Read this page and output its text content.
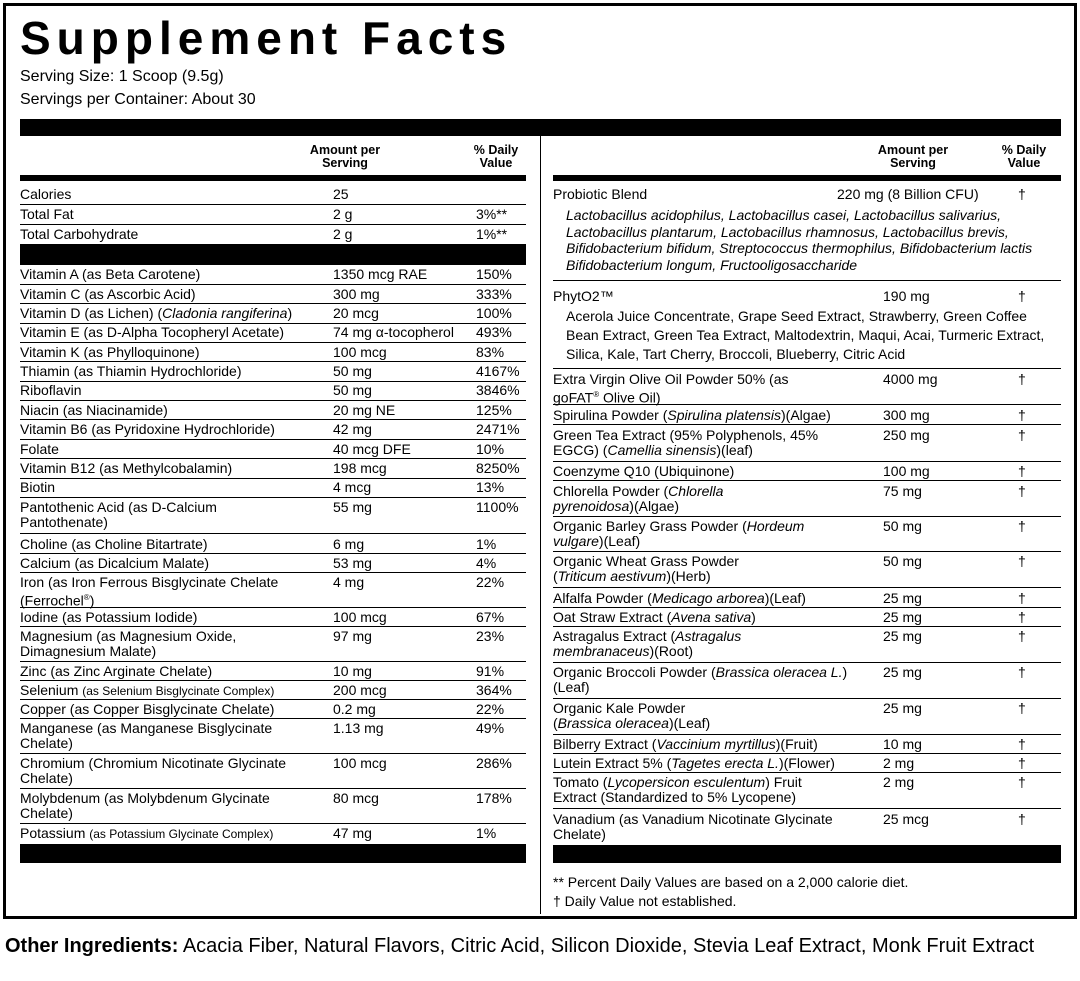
Supplement Facts
Serving Size: 1 Scoop (9.5g)
Servings per Container: About 30
Amount per Serving
% Daily Value
Amount per Serving
% Daily Value
Calories	25
Total Fat	2 g	3%**
Total Carbohydrate	2 g	1%**
Vitamin A (as Beta Carotene)	1350 mcg RAE	150%
Vitamin C (as Ascorbic Acid)	300 mg	333%
Vitamin D (as Lichen) (Cladonia rangiferina)	20 mcg	100%
Vitamin E (as D-Alpha Tocopheryl Acetate)	74 mg α-tocopherol 493%
Vitamin K (as Phylloquinone)	100 mcg	83%
Thiamin (as Thiamin Hydrochloride)	50 mg	4167%
Riboflavin	50 mg	3846%
Niacin (as Niacinamide)	20 mg NE	125%
Vitamin B6 (as Pyridoxine Hydrochloride)	42 mg	2471%
Folate	40 mcg DFE	10%
Vitamin B12 (as Methylcobalamin)	198 mcg	8250%
Biotin	4 mcg	13%
Pantothenic Acid (as D-Calcium Pantothenate)
55 mg	1100%
Choline (as Choline Bitartrate)	6 mg	1%
Calcium (as Dicalcium Malate)	53 mg	4%
Iron (as Iron Ferrous Bisglycinate Chelate (Ferrochel®)
4 mg	22%
Iodine (as Potassium Iodide)	100 mcg	67%
Magnesium (as Magnesium Oxide, Dimagnesium Malate)
97 mg	23%
Zinc (as Zinc Arginate Chelate)	10 mg	91%
Selenium (as Selenium Bisglycinate Complex)	200 mcg	364%
Copper (as Copper Bisglycinate Chelate)	0.2 mg	22%
Manganese (as Manganese Bisglycinate Chelate)
1.13 mg	49%
Chromium (Chromium Nicotinate Glycinate Chelate)
100 mcg	286%
Molybdenum (as Molybdenum Glycinate Chelate)
80 mcg	178%
Potassium (as Potassium Glycinate Complex)	47 mg	1%
Probiotic Blend	220 mg (8 Billion CFU)	†
Lactobacillus acidophilus, Lactobacillus casei, Lactobacillus salivarius, Lactobacillus plantarum, Lactobacillus rhamnosus, Lactobacillus brevis, Bifidobacterium bifidum, Streptococcus thermophilus, Bifidobacterium lactis Bifidobacterium longum, Fructooligosaccharide
PhytO2™	190 mg	†
Acerola Juice Concentrate, Grape Seed Extract, Strawberry, Green Coffee Bean Extract, Green Tea Extract, Maltodextrin, Maqui, Acai, Turmeric Extract, Silica, Kale, Tart Cherry, Broccoli, Blueberry, Citric Acid
Extra Virgin Olive Oil Powder 50% (as goFAT® Olive Oil)
4000 mg	†
Spirulina Powder (Spirulina platensis)(Algae)	300 mg	†
Green Tea Extract (95% Polyphenols, 45% EGCG) (Camellia sinensis)(leaf)
250 mg	†
Coenzyme Q10 (Ubiquinone)	100 mg	†
Chlorella Powder (Chlorella pyrenoidosa)(Algae)
75 mg	†
Organic Barley Grass Powder (Hordeum vulgare)(Leaf)
50 mg	†
Organic Wheat Grass Powder (Triticum aestivum)(Herb)
50 mg	†
Alfalfa Powder (Medicago arborea)(Leaf)	25 mg	†
Oat Straw Extract (Avena sativa)	25 mg	†
Astragalus Extract (Astragalus membranaceus)(Root)
25 mg	†
Organic Broccoli Powder (Brassica oleracea L.)(Leaf)
25 mg	†
Organic Kale Powder (Brassica oleracea)(Leaf)
25 mg	†
Bilberry Extract (Vaccinium myrtillus)(Fruit)	10 mg	†
Lutein Extract 5% (Tagetes erecta L.)(Flower)	2 mg	†
Tomato (Lycopersicon esculentum) Fruit Extract (Standardized to 5% Lycopene)
2 mg	†
Vanadium (as Vanadium Nicotinate Glycinate Chelate)
25 mcg	†
** Percent Daily Values are based on a 2,000 calorie diet.
† Daily Value not established.
Other Ingredients: Acacia Fiber, Natural Flavors, Citric Acid, Silicon Dioxide, Stevia Leaf Extract, Monk Fruit Extract
